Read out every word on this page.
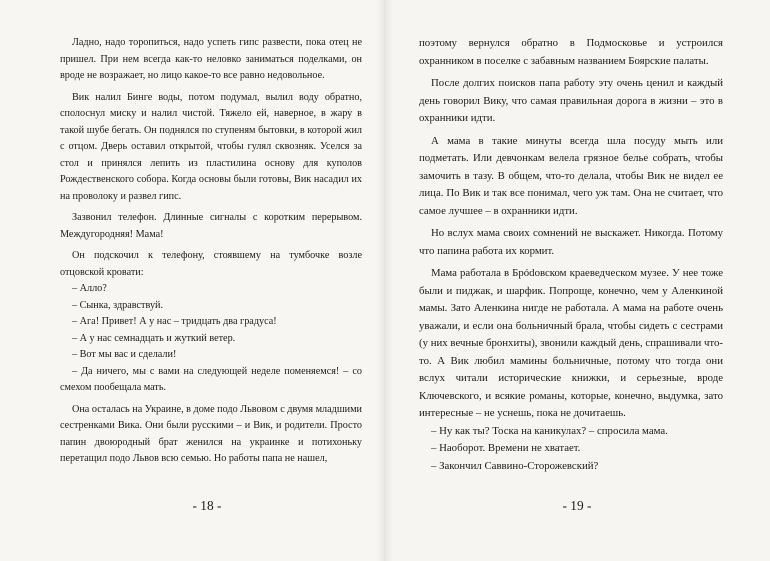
Ладно, надо торопиться, надо успеть гипс развести, пока отец не пришел. При нем всегда как-то неловко заниматься поделками, он вроде не возражает, но лицо какое-то все равно недовольное.

Вик налил Бинге воды, потом подумал, вылил воду обратно, сполоснул миску и налил чистой. Тяжело ей, наверное, в жару в такой шубе бегать. Он поднялся по ступеням бытовки, в которой жил с отцом. Дверь оставил открытой, чтобы гулял сквозняк. Уселся за стол и принялся лепить из пластилина основу для куполов Рождественского собора. Когда основы были готовы, Вик насадил их на проволоку и развел гипс.

Зазвонил телефон. Длинные сигналы с коротким перерывом. Междугородняя! Мама!

Он подскочил к телефону, стоявшему на тумбочке возле отцовской кровати:

– Алло?

– Сынка, здравствуй.

– Ага! Привет! А у нас – тридцать два градуса!

– А у нас семнадцать и жуткий ветер.

– Вот мы вас и сделали!

– Да ничего, мы с вами на следующей неделе поменяемся! – со смехом пообещала мать.

Она осталась на Украине, в доме подо Львовом с двумя младшими сестренками Вика. Они были русскими – и Вик, и родители. Просто папин двоюродный брат женился на украинке и потихоньку перетащил подо Львов всю семью. Но работы папа не нашел,

- 18 -

поэтому вернулся обратно в Подмосковье и устроился охранником в поселке с забавным названием Боярские палаты.

После долгих поисков папа работу эту очень ценил и каждый день говорил Вику, что самая правильная дорога в жизни – это в охранники идти.

А мама в такие минуты всегда шла посуду мыть или подметать. Или девчонкам велела грязное белье собрать, чтобы замочить в тазу. В общем, что-то делала, чтобы Вик не видел ее лица. По Вик и так все понимал, чего уж там. Она не считает, что самое лучшее – в охранники идти.

Но вслух мама своих сомнений не выскажет. Никогда. Потому что папина работа их кормит.

Мама работала в Брódовском краеведческом музее. У нее тоже были и пиджак, и шарфик. Попроще, конечно, чем у Аленкиной мамы. Зато Аленкина нигде не работала. А мама на работе очень уважали, и если она больничный брала, чтобы сидеть с сестрами (у них вечные бронхиты), звонили каждый день, спрашивали что-то. А Вик любил мамины больничные, потому что тогда они вслух читали исторические книжки, и серьезные, вроде Ключевского, и всякие романы, которые, конечно, выдумка, зато интересные – не уснешь, пока не дочитаешь.

– Ну как ты? Тоска на каникулах? – спросила мама.

– Наоборот. Времени не хватает.

– Закончил Саввино-Сторожевский?

- 19 -
